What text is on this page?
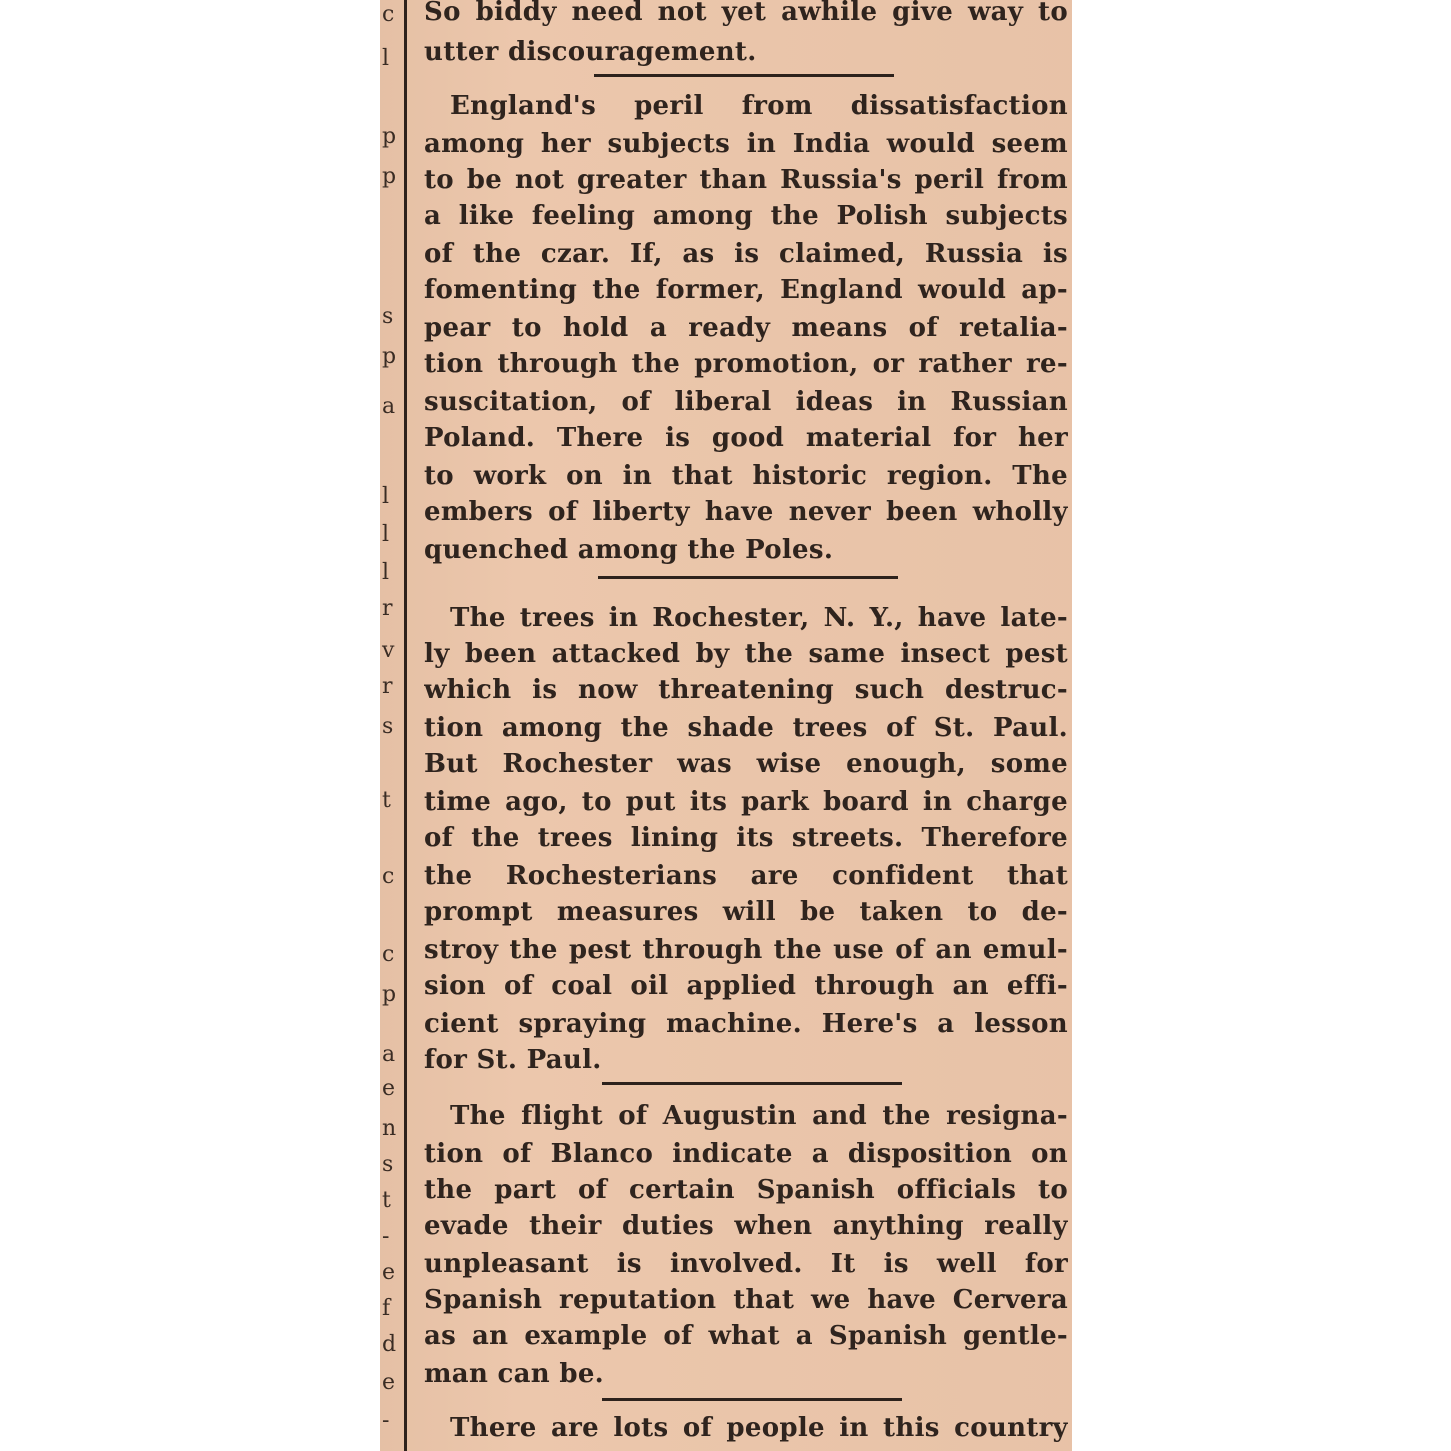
c
l
p
p
s
p
a
l
l
l
r
v
r
s
t
c
c
p
a
e
n
s
t
-
e
f
d
e
-
So biddy need not yet awhile give way to
utter discouragement.
England's peril from dissatisfaction
among her subjects in India would seem
to be not greater than Russia's peril from
a like feeling among the Polish subjects
of the czar. If, as is claimed, Russia is
fomenting the former, England would ap-
pear to hold a ready means of retalia-
tion through the promotion, or rather re-
suscitation, of liberal ideas in Russian
Poland. There is good material for her
to work on in that historic region. The
embers of liberty have never been wholly
quenched among the Poles.
The trees in Rochester, N. Y., have late-
ly been attacked by the same insect pest
which is now threatening such destruc-
tion among the shade trees of St. Paul.
But Rochester was wise enough, some
time ago, to put its park board in charge
of the trees lining its streets. Therefore
the Rochesterians are confident that
prompt measures will be taken to de-
stroy the pest through the use of an emul-
sion of coal oil applied through an effi-
cient spraying machine. Here's a lesson
for St. Paul.
The flight of Augustin and the resigna-
tion of Blanco indicate a disposition on
the part of certain Spanish officials to
evade their duties when anything really
unpleasant is involved. It is well for
Spanish reputation that we have Cervera
as an example of what a Spanish gentle-
man can be.
There are lots of people in this country
